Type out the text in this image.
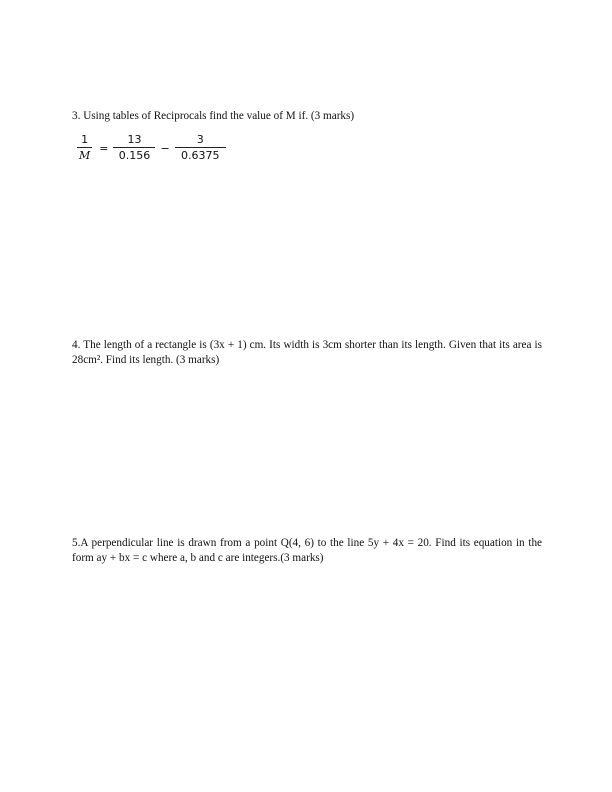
3. Using tables of Reciprocals find the value of M if. (3 marks)
$\frac{1}{M} = \frac{13}{0.156} - \frac{3}{0.6375}$
4. The length of a rectangle is (3x + 1) cm. Its width is 3cm shorter than its length. Given that its area is 28cm². Find its length. (3 marks)
5.A perpendicular line is drawn from a point Q(4, 6) to the line 5y + 4x = 20. Find its equation in the form ay + bx = c where a, b and c are integers.(3 marks)
